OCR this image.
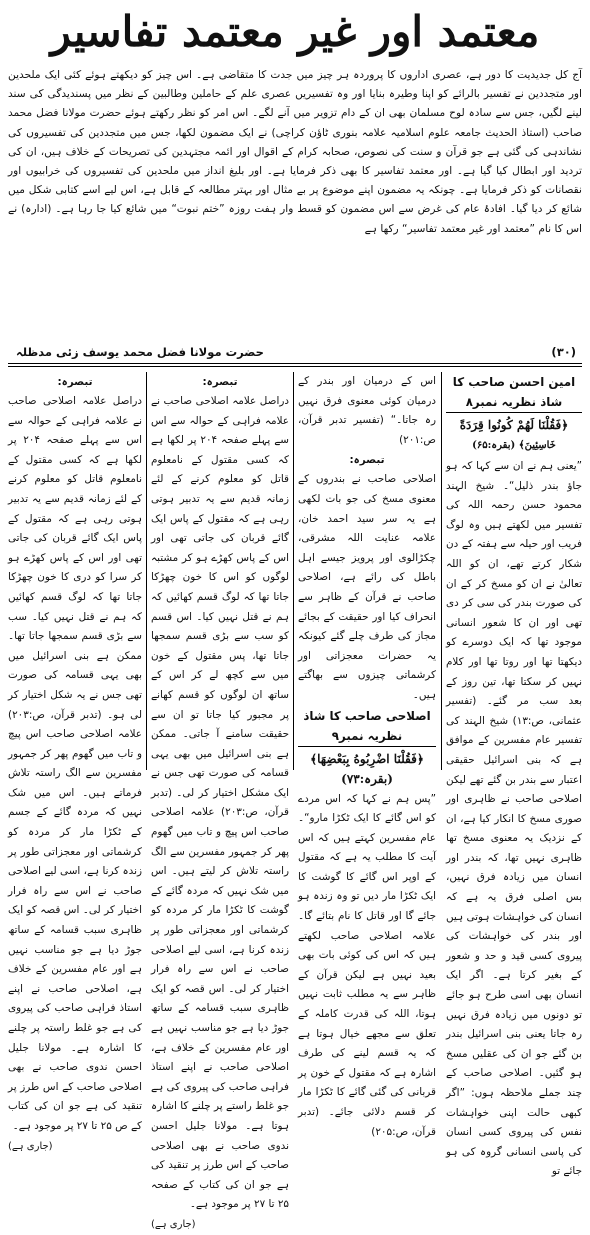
معتمد اور غیر معتمد تفاسیر
آج کل جدیدیت کا دور ہے، عصری اداروں کا پروردہ ہر چیز میں جدت کا متقاضی ہے۔ اس چیز کو دیکھتے ہوئے کئی ایک ملحدین اور متجددین نے تفسیر بالرائے کو اپنا وطیرہ بنایا اور وہ تفسیریں عصری علم کے حاملین وطالبین کے نظر میں پسندیدگی کی سند لینے لگیں، جس سے سادہ لوح مسلمان بھی ان کے دام تزویر میں آنے لگے۔ اس امر کو نظر رکھتے ہوئے حضرت مولانا فضل محمد صاحب (استاذ الحدیث جامعہ علوم اسلامیہ علامہ بنوری ٹاؤن کراچی) نے ایک مضمون لکھا، جس میں متجددین کی تفسیروں کی نشاندہی کی گئی ہے جو قرآن و سنت کی نصوص، صحابہ کرام کے اقوال اور ائمہ مجتہدین کی تصریحات کے خلاف ہیں، ان کی تردید اور ابطال کیا گیا ہے۔ اور معتمد تفاسیر کا بھی ذکر فرمایا ہے۔ اور بلیغ انداز میں ملحدین کی تفسیروں کی خرابیوں اور نقصانات کو ذکر فرمایا ہے۔ چونکہ یہ مضمون اپنے موضوع پر بے مثال اور بہتر مطالعہ کے قابل ہے، اس لیے اسے کتابی شکل میں شائع کر دیا گیا۔ افادۂ عام کی غرض سے اس مضمون کو قسط وار ہفت روزہ ”ختم نبوت“ میں شائع کیا جا رہا ہے۔ (ادارہ) نے اس کا نام ”معتمد اور غیر معتمد تفاسیر“ رکھا ہے
(۳۰)
حضرت مولانا فضل محمد یوسف زئی مدظلہ
امین احسن صاحب کا شاذ نظریہ نمبر۸
﴿فَقُلْنَا لَهُمْ كُونُوا قِرَدَةً
خَاسِئِينَ﴾ (بقرہ:۶۵)

”یعنی ہم نے ان سے کہا کہ ہو جاؤ بندر ذلیل“۔ شیخ الہند محمود حسن رحمہ اللہ کی تفسیر میں لکھتے ہیں وہ لوگ فریب اور حیلہ سے ہفتہ کے دن شکار کرتے تھے، ان کو اللہ تعالیٰ نے ان کو مسخ کر کے ان کی صورت بندر کی سی کر دی تھی اور ان کا شعور انسانی موجود تھا کہ ایک دوسرے کو دیکھتا تھا اور روتا تھا اور کلام نہیں کر سکتا تھا، تین روز کے بعد سب مر گئے۔ (تفسیر عثمانی، ص:۱۳) شیخ الہند کی تفسیر عام مفسرین کے موافق ہے کہ بنی اسرائیل حقیقی اعتبار سے بندر بن گئے تھے لیکن اصلاحی صاحب نے ظاہری اور صوری مسخ کا انکار کیا ہے، ان کے نزدیک یہ معنوی مسخ تھا ظاہری نہیں تھا، کہ بندر اور انسان میں زیادہ فرق نہیں، بس اصلی فرق یہ ہے کہ انسان کی خواہشات ہوتی ہیں اور بندر کی خواہشات کی پیروی کسی قید و حد و شعور کے بغیر کرتا ہے۔ اگر ایک انسان بھی اسی طرح ہو جائے تو دونوں میں زیادہ فرق نہیں رہ جاتا یعنی بنی اسرائیل بندر بن گئے جو ان کی عقلیں مسخ ہو گئیں۔ اصلاحی صاحب کے چند جملے ملاحظہ ہوں: ”اگر کبھی حالت اپنی خواہشات نفس کی پیروی کسی انسان کی پاسی انسانی گروہ کی ہو جائے تو

اس کے درمیان اور بندر کے درمیان کوئی معنوی فرق نہیں رہ جاتا۔“ (تفسیر تدبر قرآن، ص:۲۰۱)

تبصرہ:

اصلاحی صاحب نے بندروں کے معنوی مسخ کی جو بات لکھی ہے یہ سر سید احمد خان، علامہ عنایت اللہ مشرقی، چکڑالوی اور پرویز جیسے اہل باطل کی رائے ہے، اصلاحی صاحب نے قرآن کے ظاہر سے انحراف کیا اور حقیقت کے بجائے مجاز کی طرف چلے گئے کیونکہ یہ حضرات معجزاتی اور کرشماتی چیزوں سے بھاگتے ہیں۔

اصلاحی صاحب کا شاذ نظریہ نمبر۹
﴿فَقُلْنَا اضْرِبُوهُ بِبَعْضِهَا﴾ (بقرہ:۷۳)

”پس ہم نے کہا کہ اس مردے کو اس گائے کا ایک ٹکڑا مارو“۔ عام مفسرین کہتے ہیں کہ اس آیت کا مطلب یہ ہے کہ مقتول کے اوپر اس گائے کا گوشت کا ایک ٹکڑا مار دیں تو وہ زندہ ہو جائے گا اور قاتل کا نام بتائے گا۔ علامہ اصلاحی صاحب لکھتے ہیں کہ اس کی کوئی بات بھی بعید نہیں ہے لیکن قرآن کے ظاہر سے یہ مطلب ثابت نہیں ہوتا، اللہ کی قدرت کاملہ کے تعلق سے مجھے خیال ہوتا ہے کہ یہ قسم لینے کی طرف اشارہ ہے کہ مقتول کے خون پر قربانی کی گئی گائے کا ٹکڑا مار کر قسم دلائی جائے۔ (تدبر قرآن، ص:۲۰۵)

تبصرہ:

دراصل علامہ اصلاحی صاحب نے علامہ فراہی کے حوالہ سے اس سے پہلے صفحہ ۲۰۴ پر لکھا ہے کہ کسی مقتول کے نامعلوم قاتل کو معلوم کرنے کے لئے زمانہ قدیم سے یہ تدبیر ہوتی رہی ہے کہ مقتول کے پاس ایک گائے قربان کی جاتی تھی اور اس کے پاس کھڑے ہو کر مشتبہ لوگوں کو اس کا خون چھڑکا جاتا تھا کہ لوگ قسم کھائیں کہ ہم نے قتل نہیں کیا۔ اس قسم کو سب سے بڑی قسم سمجھا جاتا تھا، پس مقتول کے خون میں سے کچھ لے کر اس کے ساتھ ان لوگوں کو قسم کھانے پر مجبور کیا جاتا تو ان سے حقیقت سامنے آ جاتی۔ ممکن ہے بنی اسرائیل میں بھی یہی قسامہ کی صورت تھی جس نے ایک مشکل اختیار کر لی۔ (تدبر قرآن، ص:۲۰۳) علامہ اصلاحی صاحب اس پیچ و تاب میں گھوم پھر کر جمہور مفسرین سے الگ راستہ تلاش کر لیتے ہیں۔ اس میں شک نہیں کہ مردہ گائے کے گوشت کا ٹکڑا مار کر مردہ کو کرشماتی اور معجزاتی طور پر زندہ کرنا ہے، اسی لیے اصلاحی صاحب نے اس سے راہ فرار اختیار کر لی۔ اس قصہ کو ایک ظاہری سبب قسامہ کے ساتھ جوڑ دیا ہے جو مناسب نہیں ہے اور عام مفسرین کے خلاف ہے، اصلاحی صاحب نے اپنے استاذ فراہی صاحب کی پیروی کی ہے جو غلط راستے پر چلنے کا اشارہ ہوتا ہے۔ مولانا جلیل احسن ندوی صاحب نے بھی اصلاحی صاحب کے اس طرز پر تنقید کی ہے جو ان کی کتاب کے صفحہ ۲۵ تا ۲۷ پر موجود ہے۔

(جاری ہے)

تبصرہ:

دراصل علامہ اصلاحی صاحب نے علامہ فراہی کے حوالہ سے اس سے پہلے صفحہ ۲۰۴ پر لکھا ہے کہ کسی مقتول کے نامعلوم قاتل کو معلوم کرنے کے لئے زمانہ قدیم سے یہ تدبیر ہوتی رہی ہے کہ مقتول کے پاس ایک گائے قربان کی جاتی تھی اور اس کے پاس کھڑے ہو کر سرا کو دری کا خون چھڑکا جاتا تھا کہ لوگ قسم کھائیں کہ ہم نے قتل نہیں کیا۔ سب سے بڑی قسم سمجھا جاتا تھا۔ ممکن ہے بنی اسرائیل میں بھی یہی قسامہ کی صورت تھی جس نے یہ شکل اختیار کر لی ہو۔ (تدبر قرآن، ص:۲۰۳) علامہ اصلاحی صاحب اس پیچ و تاب میں گھوم پھر کر جمہور مفسرین سے الگ راستہ تلاش فرماتے ہیں۔ اس میں شک نہیں کہ مردہ گائے کے جسم کے ٹکڑا مار کر مردہ کو کرشماتی اور معجزاتی طور پر زندہ کرنا ہے، اسی لیے اصلاحی صاحب نے اس سے راہ فرار اختیار کر لی۔ اس قصہ کو ایک ظاہری سبب قسامہ کے ساتھ جوڑ دیا ہے جو مناسب نہیں ہے اور عام مفسرین کے خلاف ہے، اصلاحی صاحب نے اپنے استاذ فراہی صاحب کی پیروی کی ہے جو غلط راستہ پر چلنے کا اشارہ ہے۔ مولانا جلیل احسن ندوی صاحب نے بھی اصلاحی صاحب کے اس طرز پر تنقید کی ہے جو ان کی کتاب کے ص ۲۵ تا ۲۷ پر موجود ہے۔

(جاری ہے)
